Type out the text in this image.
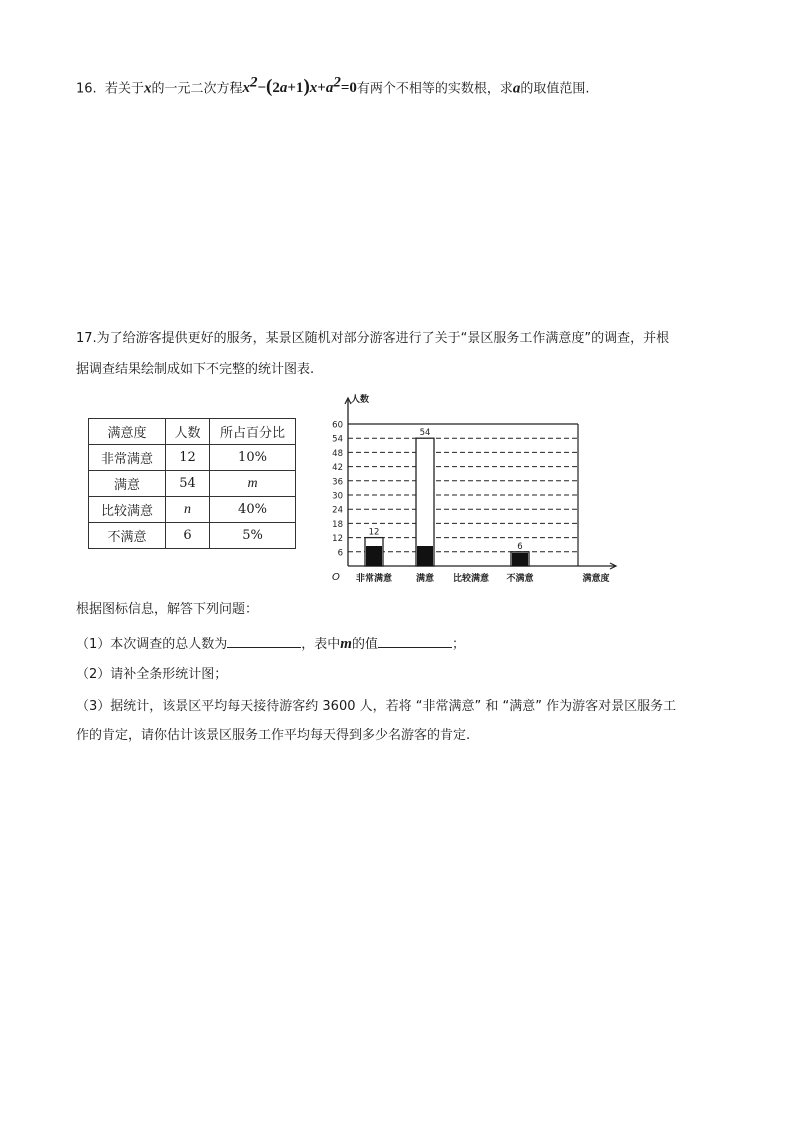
16. 若关于x的一元二次方程$x^2-(2a+1)x+a^2=0$有两个不相等的实数根，求a的取值范围.
17.为了给游客提供更好的服务，某景区随机对部分游客进行了关于“景区服务工作满意度”的调查，并根
据调查结果绘制成如下不完整的统计图表.
满意度	人数	所占百分比
非常满意	12	10%
满意	54	m
比较满意	n	40%
不满意	6	5%
6
12
18
24
30
36
42
48
54
60
人数
O	满意度
非常满意
12
满意
54
比较满意 不满意
6
根据图标信息，解答下列问题：
（1）本次调查的总人数为	，表中m的值	；
（2）请补全条形统计图；
（3）据统计，该景区平均每天接待游客约 3600 人，若将 “非常满意” 和 “满意” 作为游客对景区服务工
作的肯定，请你估计该景区服务工作平均每天得到多少名游客的肯定.
